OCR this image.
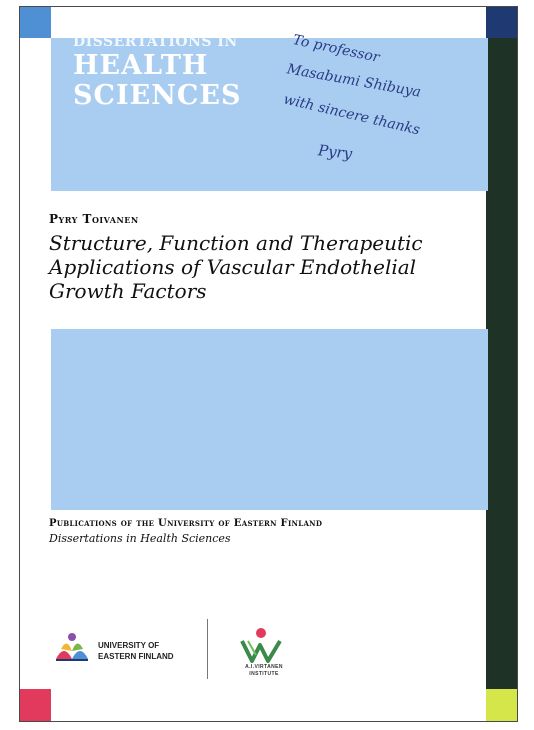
DISSERTATIONS IN
HEALTH
SCIENCES
To professor
Masabumi Shibuya
with sincere thanks
Pyry
Pyry Toivanen
Structure, Function and Therapeutic
Applications of Vascular Endothelial
Growth Factors
Publications of the University of Eastern Finland
Dissertations in Health Sciences
UNIVERSITY OF
EASTERN FINLAND
A.I.VIRTANEN
INSTITUTE
